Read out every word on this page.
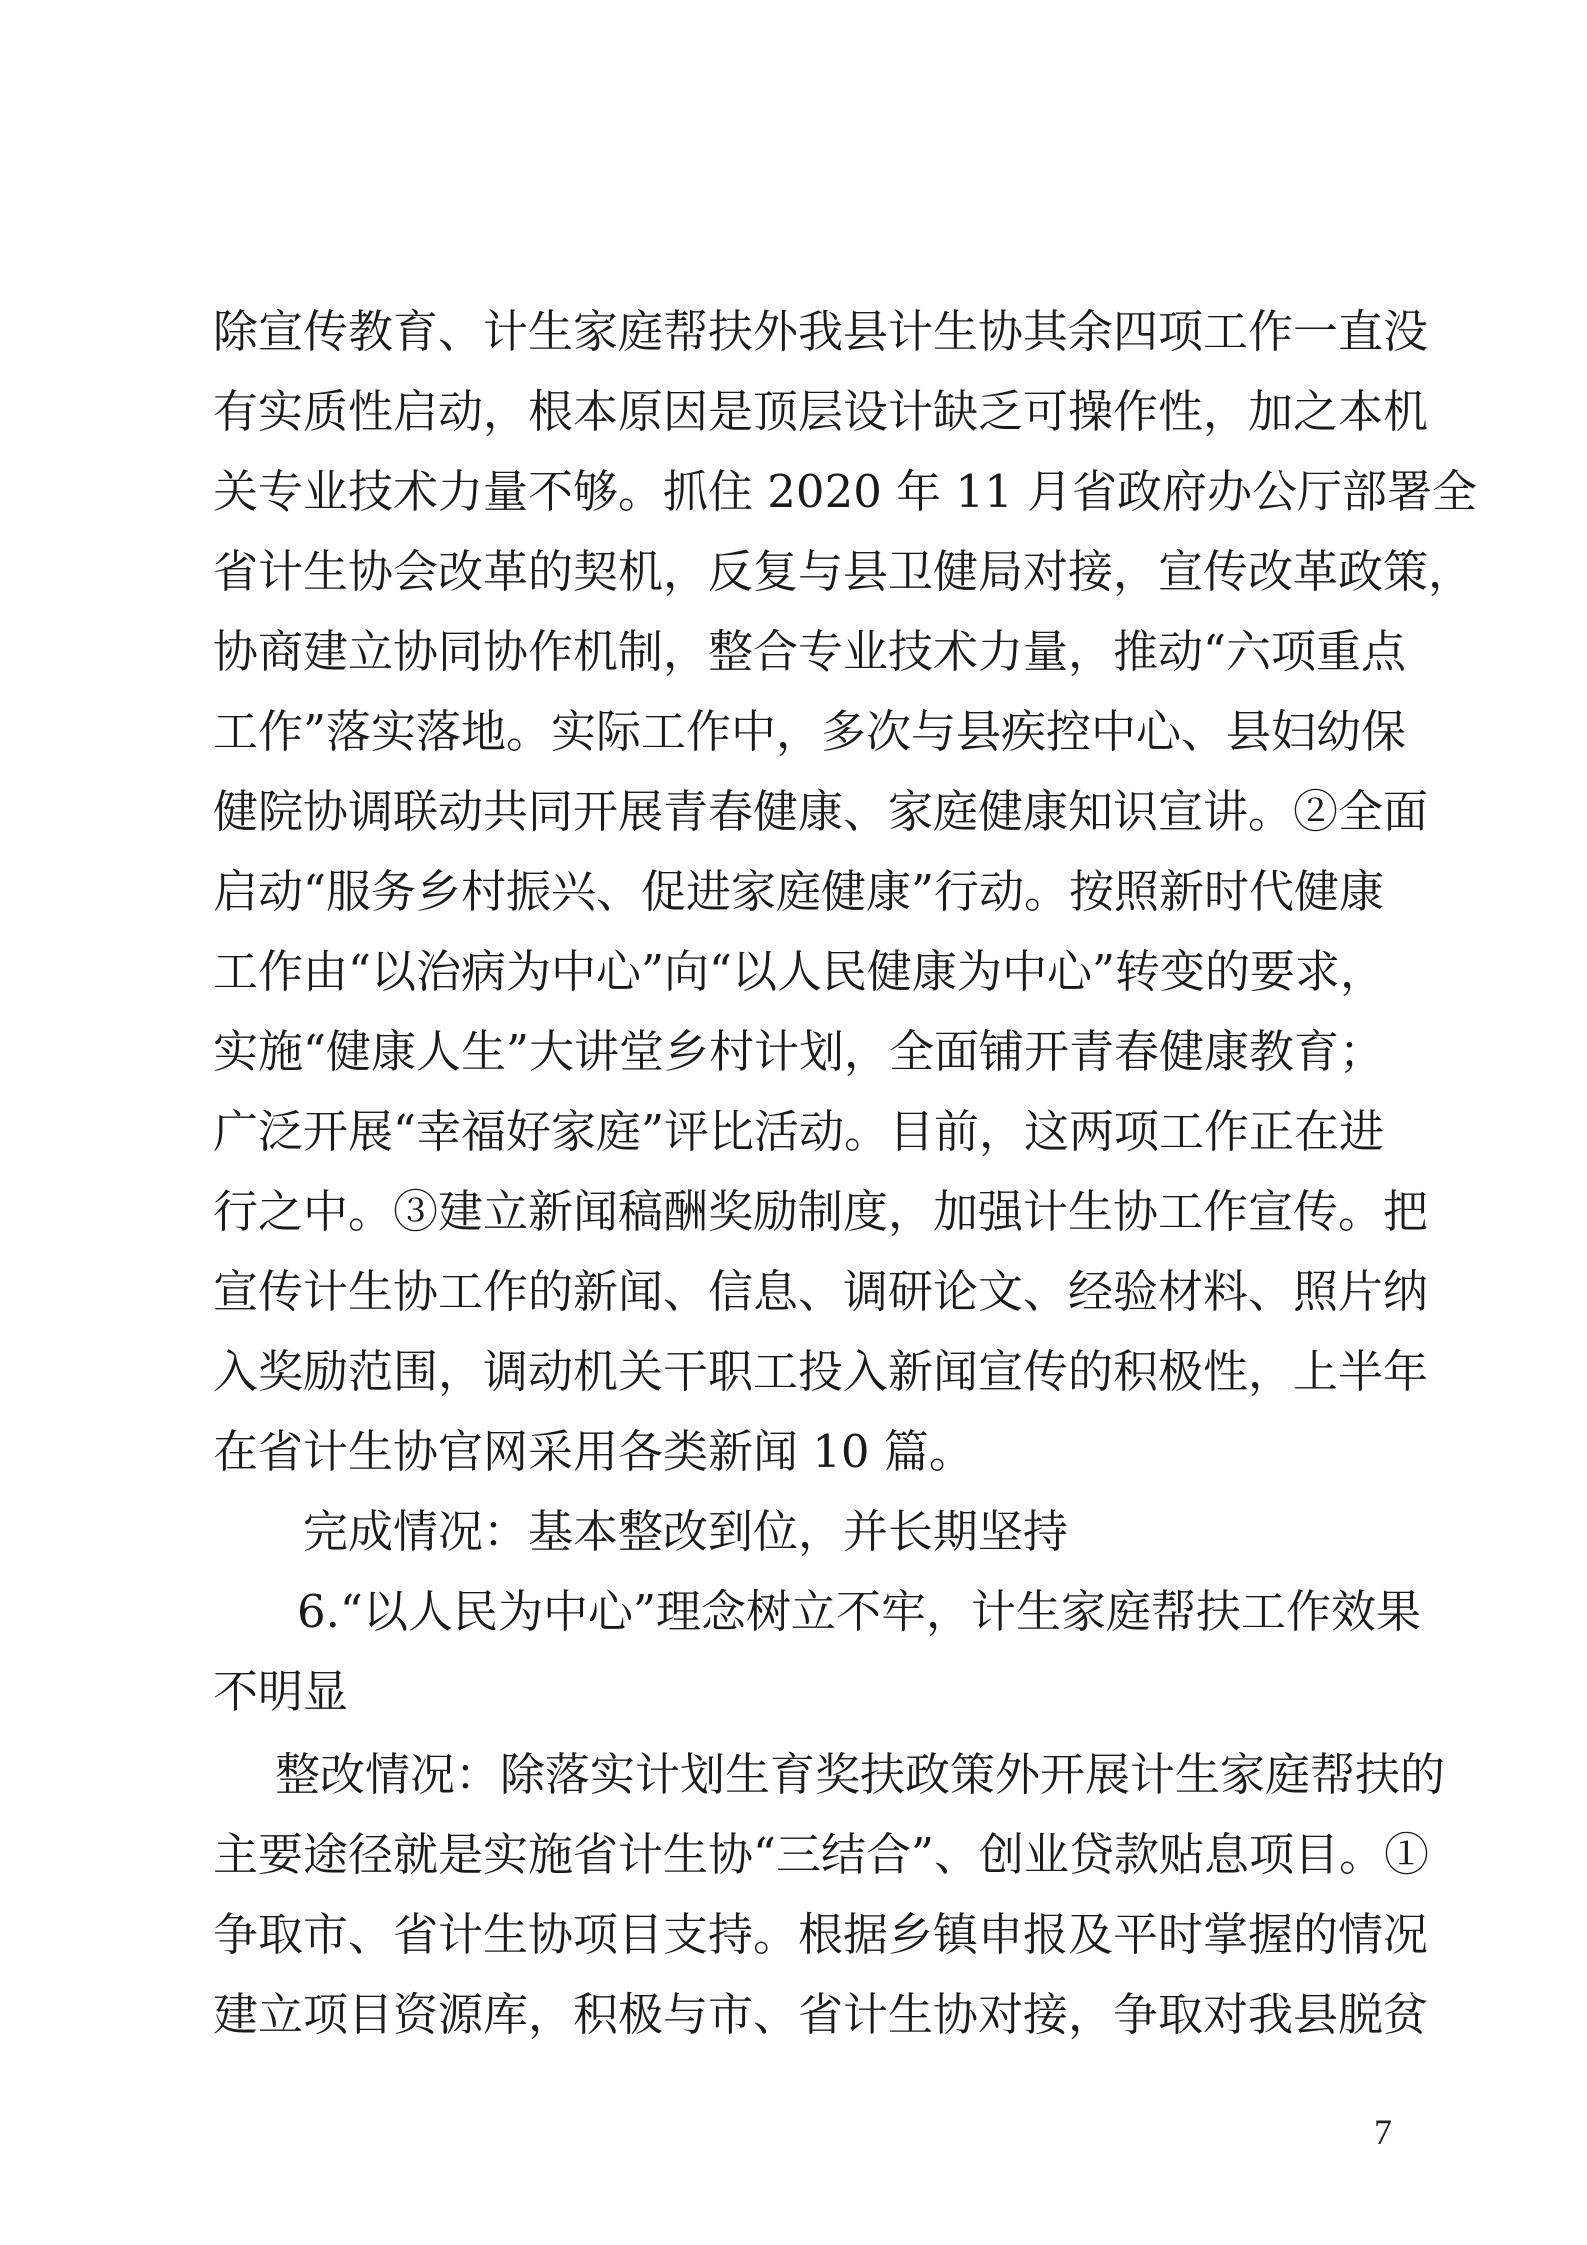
除宣传教育、计生家庭帮扶外我县计生协其余四项工作一直没
有实质性启动，根本原因是顶层设计缺乏可操作性，加之本机
关专业技术力量不够。抓住 2020 年 11 月省政府办公厅部署全
省计生协会改革的契机，反复与县卫健局对接，宣传改革政策，
协商建立协同协作机制，整合专业技术力量，推动“六项重点
工作”落实落地。实际工作中，多次与县疾控中心、县妇幼保
健院协调联动共同开展青春健康、家庭健康知识宣讲。②全面
启动“服务乡村振兴、促进家庭健康”行动。按照新时代健康
工作由“以治病为中心”向“以人民健康为中心”转变的要求，
实施“健康人生”大讲堂乡村计划，全面铺开青春健康教育；
广泛开展“幸福好家庭”评比活动。目前，这两项工作正在进
行之中。③建立新闻稿酬奖励制度，加强计生协工作宣传。把
宣传计生协工作的新闻、信息、调研论文、经验材料、照片纳
入奖励范围，调动机关干职工投入新闻宣传的积极性，上半年
在省计生协官网采用各类新闻 10 篇。
完成情况：基本整改到位，并长期坚持
6.“以人民为中心”理念树立不牢，计生家庭帮扶工作效果
不明显
整改情况：除落实计划生育奖扶政策外开展计生家庭帮扶的
主要途径就是实施省计生协“三结合”、创业贷款贴息项目。①
争取市、省计生协项目支持。根据乡镇申报及平时掌握的情况
建立项目资源库，积极与市、省计生协对接，争取对我县脱贫
7
